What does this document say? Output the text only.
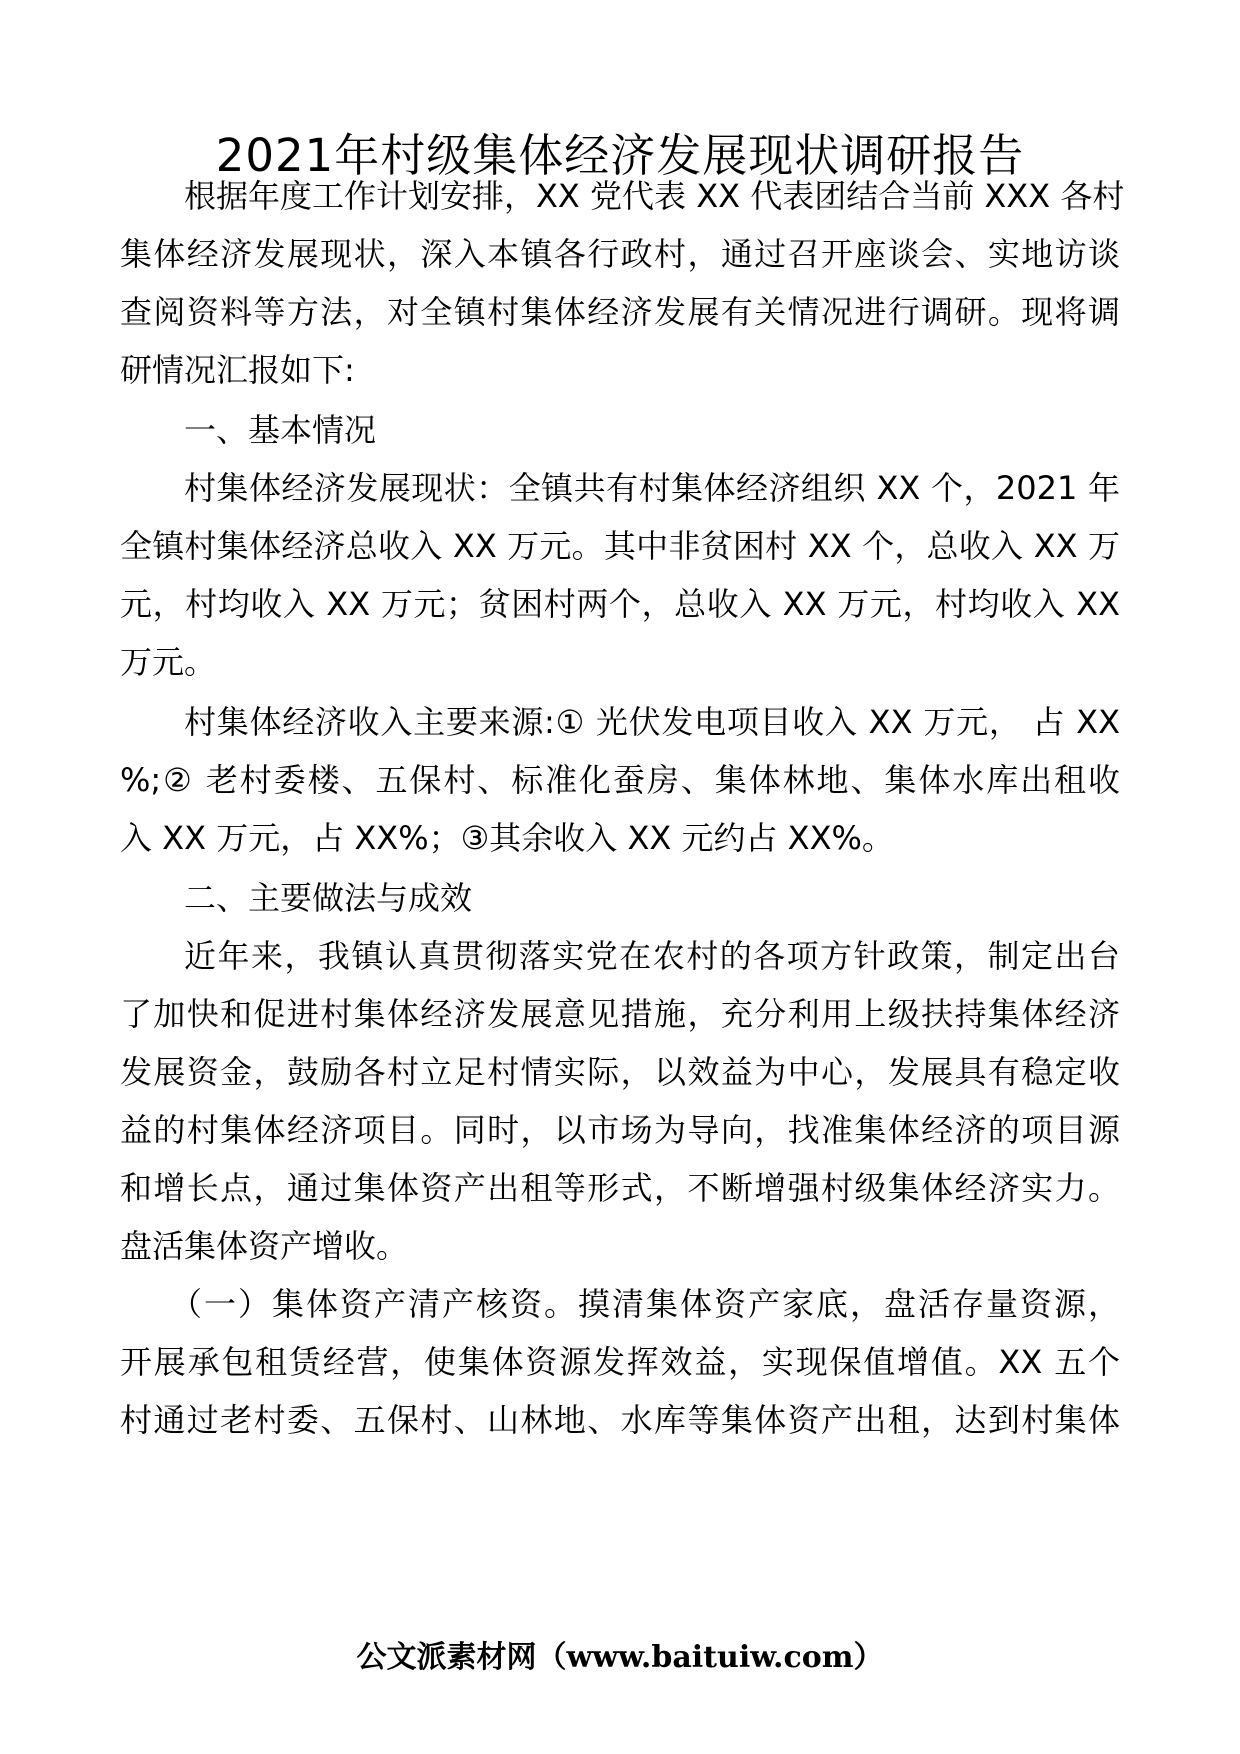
2021年村级集体经济发展现状调研报告
根据年度工作计划安排，XX 党代表 XX 代表团结合当前 XXX 各村
集体经济发展现状，深入本镇各行政村，通过召开座谈会、实地访谈
查阅资料等方法，对全镇村集体经济发展有关情况进行调研。现将调
研情况汇报如下:
一、基本情况
村集体经济发展现状：全镇共有村集体经济组织 XX 个，2021 年
全镇村集体经济总收入 XX 万元。其中非贫困村 XX 个，总收入 XX 万
元，村均收入 XX 万元；贫困村两个，总收入 XX 万元，村均收入 XX
万元。
村集体经济收入主要来源:① 光伏发电项目收入 XX 万元， 占 XX
%;② 老村委楼、五保村、标准化蚕房、集体林地、集体水库出租收
入 XX 万元，占 XX%；③其余收入 XX 元约占 XX%。
二、主要做法与成效
近年来，我镇认真贯彻落实党在农村的各项方针政策，制定出台
了加快和促进村集体经济发展意见措施，充分利用上级扶持集体经济
发展资金，鼓励各村立足村情实际，以效益为中心，发展具有稳定收
益的村集体经济项目。同时，以市场为导向，找准集体经济的项目源
和增长点，通过集体资产出租等形式，不断增强村级集体经济实力。
盘活集体资产增收。
（一）集体资产清产核资。摸清集体资产家底，盘活存量资源，
开展承包租赁经营，使集体资源发挥效益，实现保值增值。XX 五个
村通过老村委、五保村、山林地、水库等集体资产出租，达到村集体
公文派素材网（www.baituiw.com）
